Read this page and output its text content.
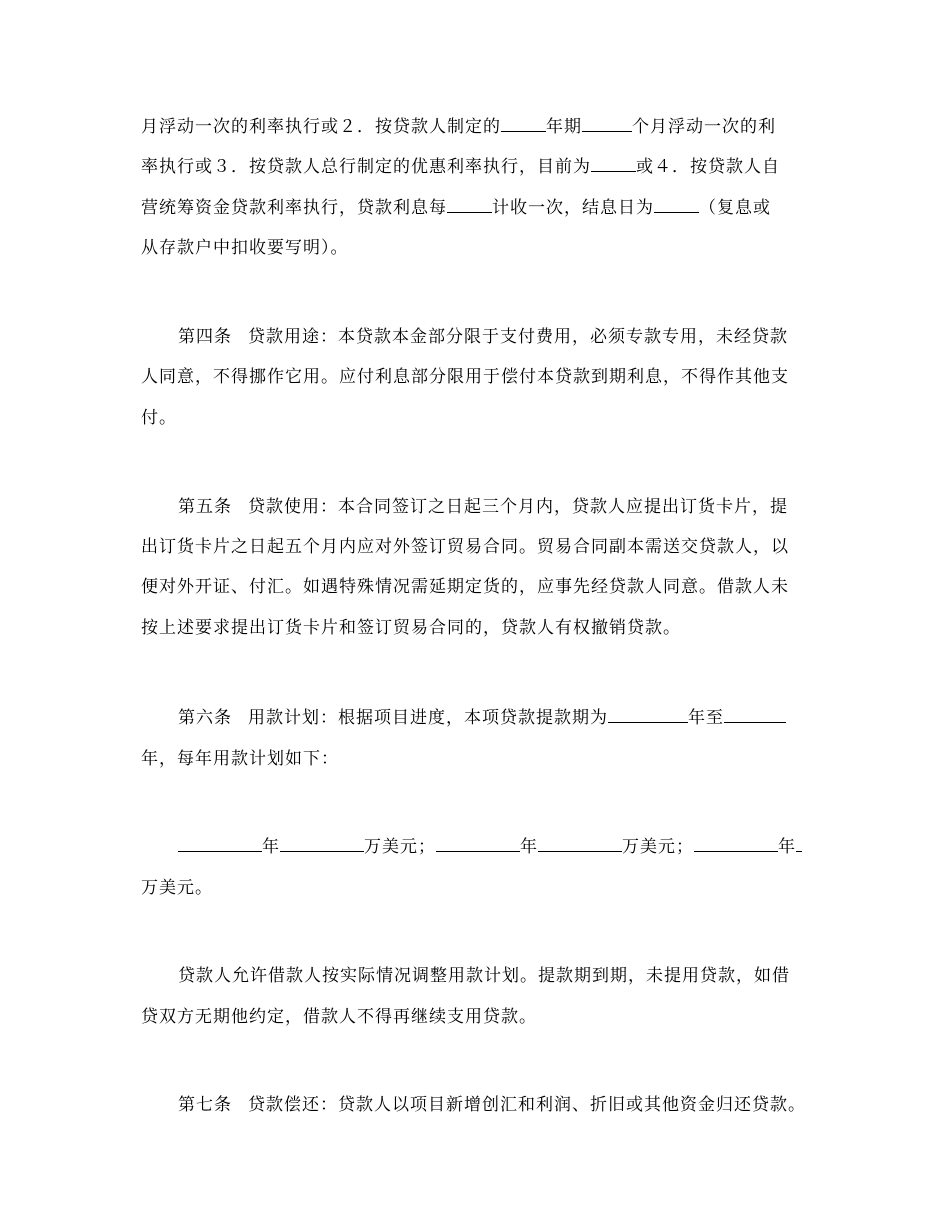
月浮动一次的利率执行或２．按贷款人制定的	年期	个月浮动一次的利
率执行或３．按贷款人总行制定的优惠利率执行，目前为	或４．按贷款人自
营统筹资金贷款利率执行，贷款利息每	计收一次，结息日为	（复息或
从存款户中扣收要写明）。
第四条 贷款用途：本贷款本金部分限于支付费用，必须专款专用，未经贷款
人同意，不得挪作它用。应付利息部分限用于偿付本贷款到期利息，不得作其他支
付。
第五条 贷款使用：本合同签订之日起三个月内，贷款人应提出订货卡片，提
出订货卡片之日起五个月内应对外签订贸易合同。贸易合同副本需送交贷款人，以
便对外开证、付汇。如遇特殊情况需延期定货的，应事先经贷款人同意。借款人未
按上述要求提出订货卡片和签订贸易合同的，贷款人有权撤销贷款。
第六条 用款计划：根据项目进度，本项贷款提款期为	年至
年，每年用款计划如下：
年	万美元；	年	万美元；	年
万美元。
贷款人允许借款人按实际情况调整用款计划。提款期到期，未提用贷款，如借
贷双方无期他约定，借款人不得再继续支用贷款。
第七条 贷款偿还：贷款人以项目新增创汇和利润、折旧或其他资金归还贷款。
